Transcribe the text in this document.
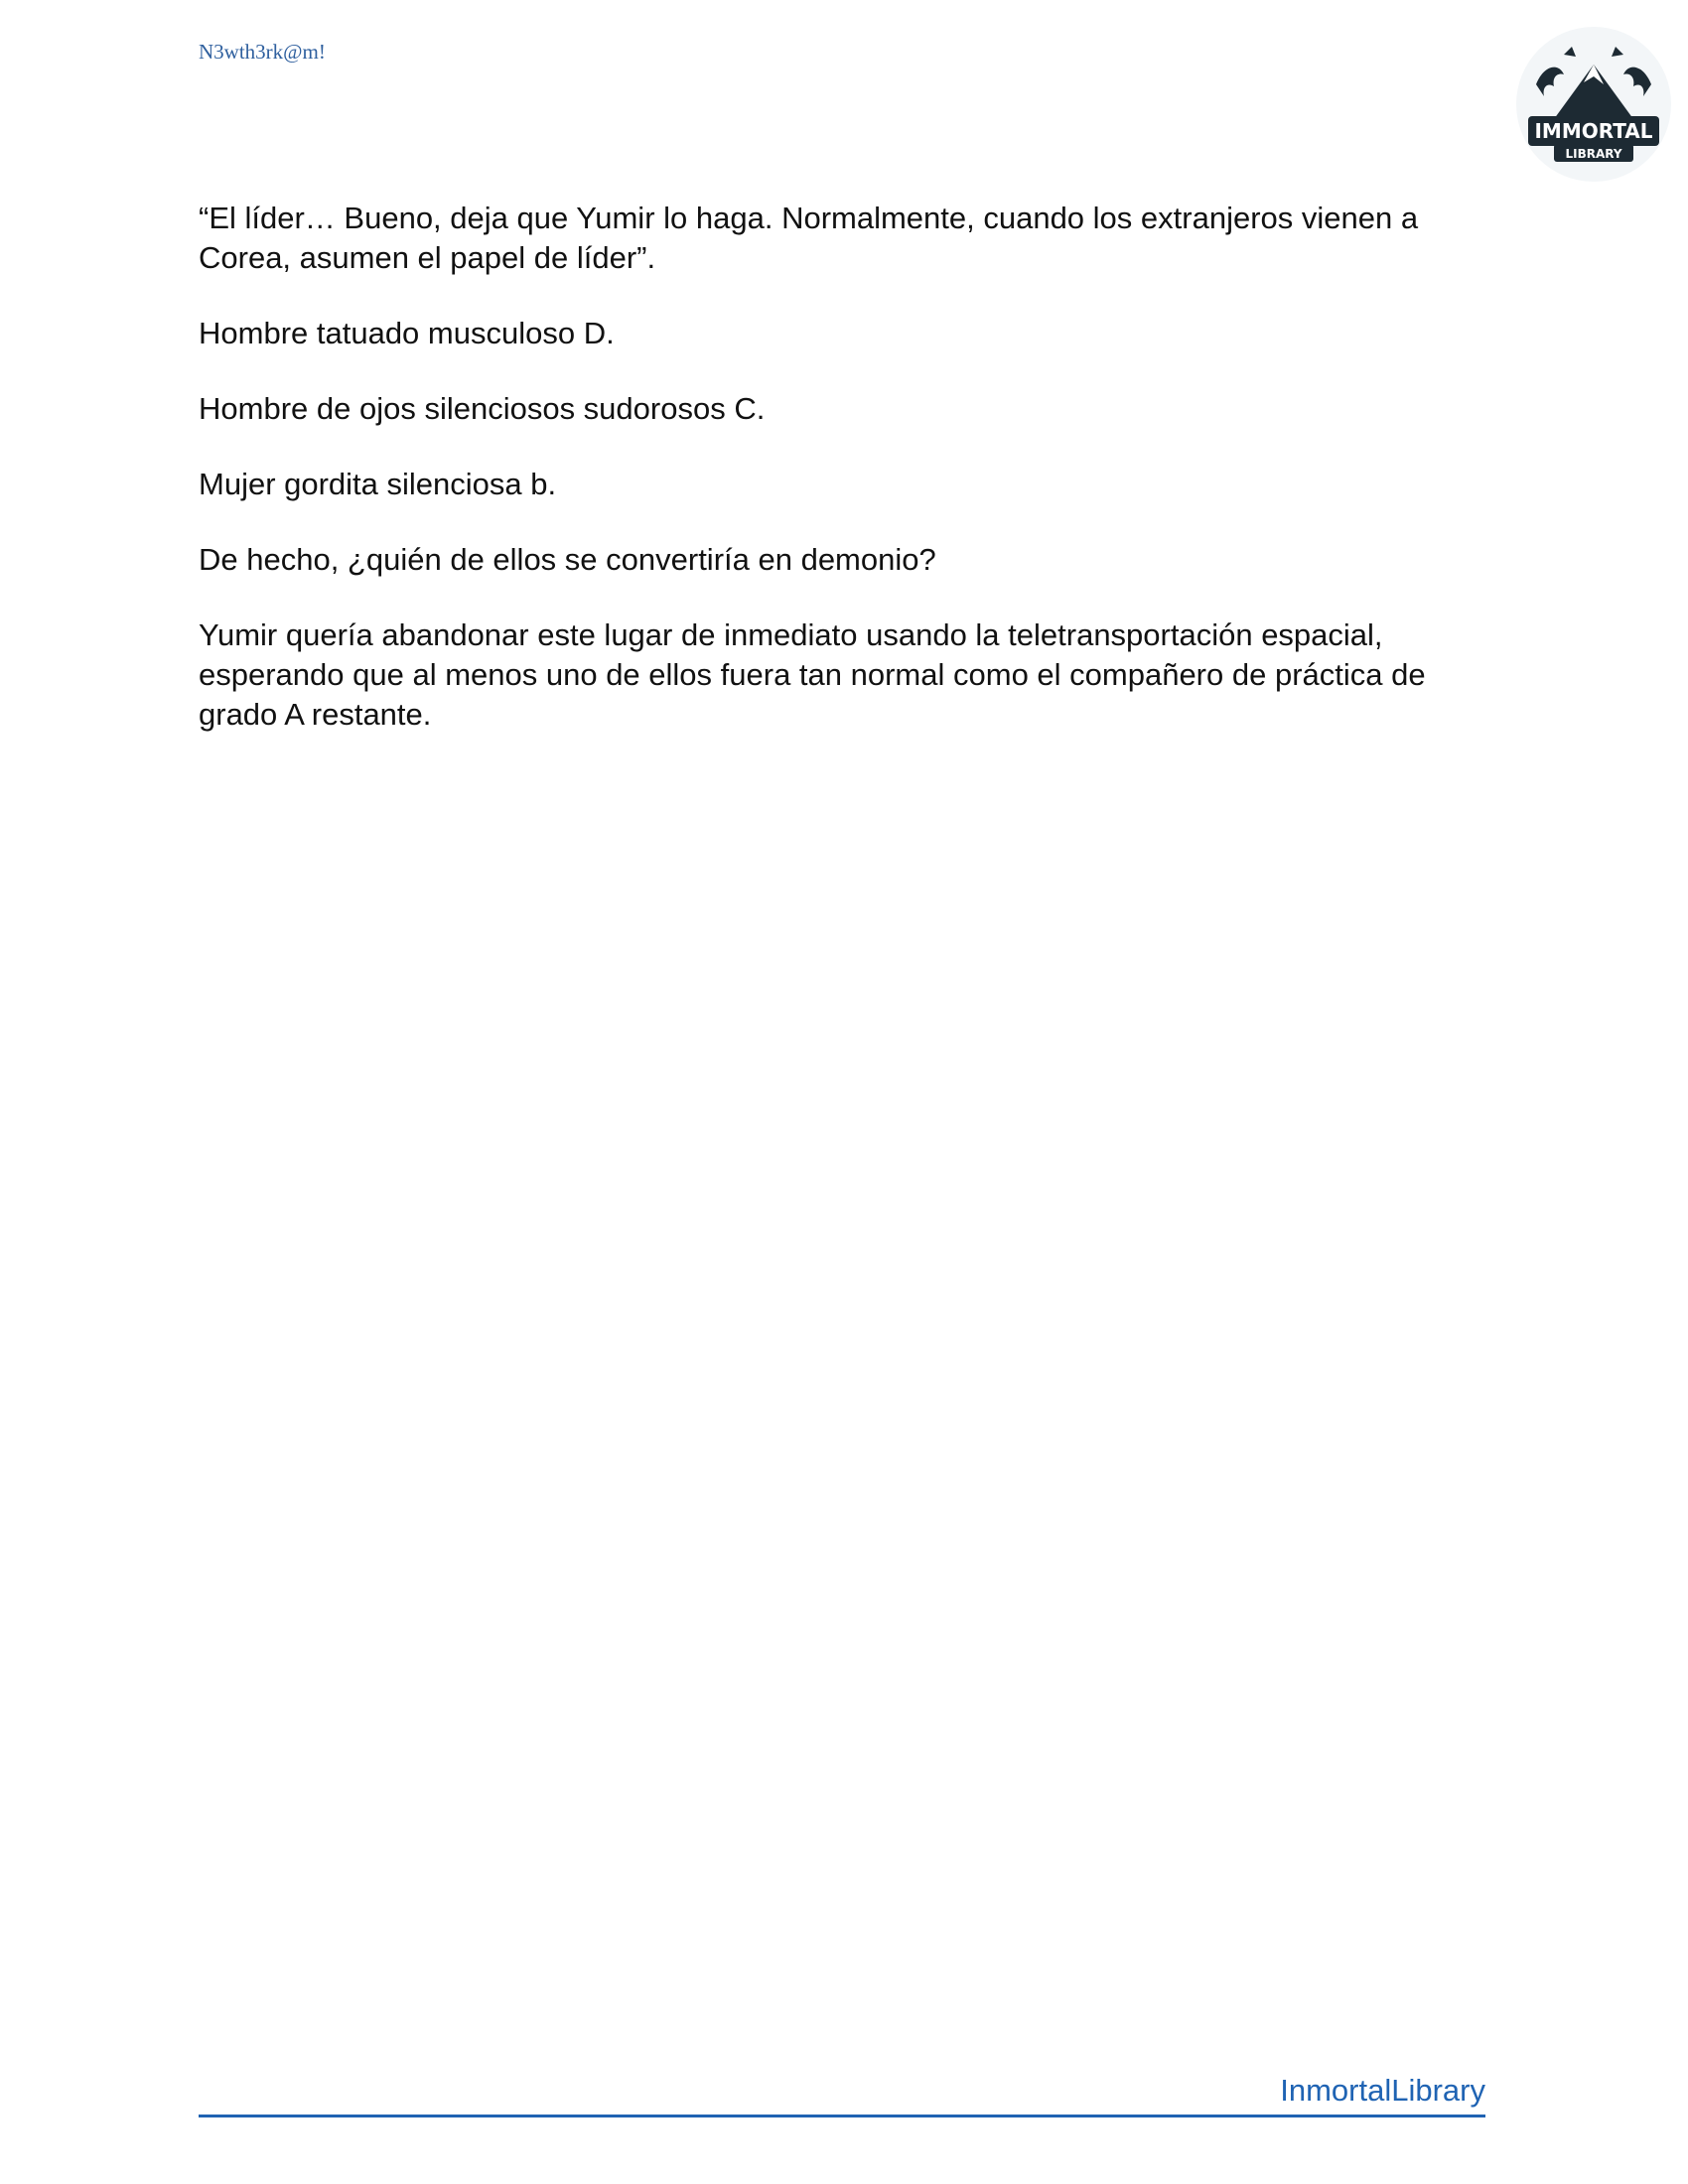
N3wth3rk@m!
IMMORTAL
LIBRARY

“El líder… Bueno, deja que Yumir lo haga. Normalmente, cuando los extranjeros vienen a Corea, asumen el papel de líder”.

Hombre tatuado musculoso D.

Hombre de ojos silenciosos sudorosos C.

Mujer gordita silenciosa b.

De hecho, ¿quién de ellos se convertiría en demonio?

Yumir quería abandonar este lugar de inmediato usando la teletransportación espacial, esperando que al menos uno de ellos fuera tan normal como el compañero de práctica de grado A restante.

InmortalLibrary
